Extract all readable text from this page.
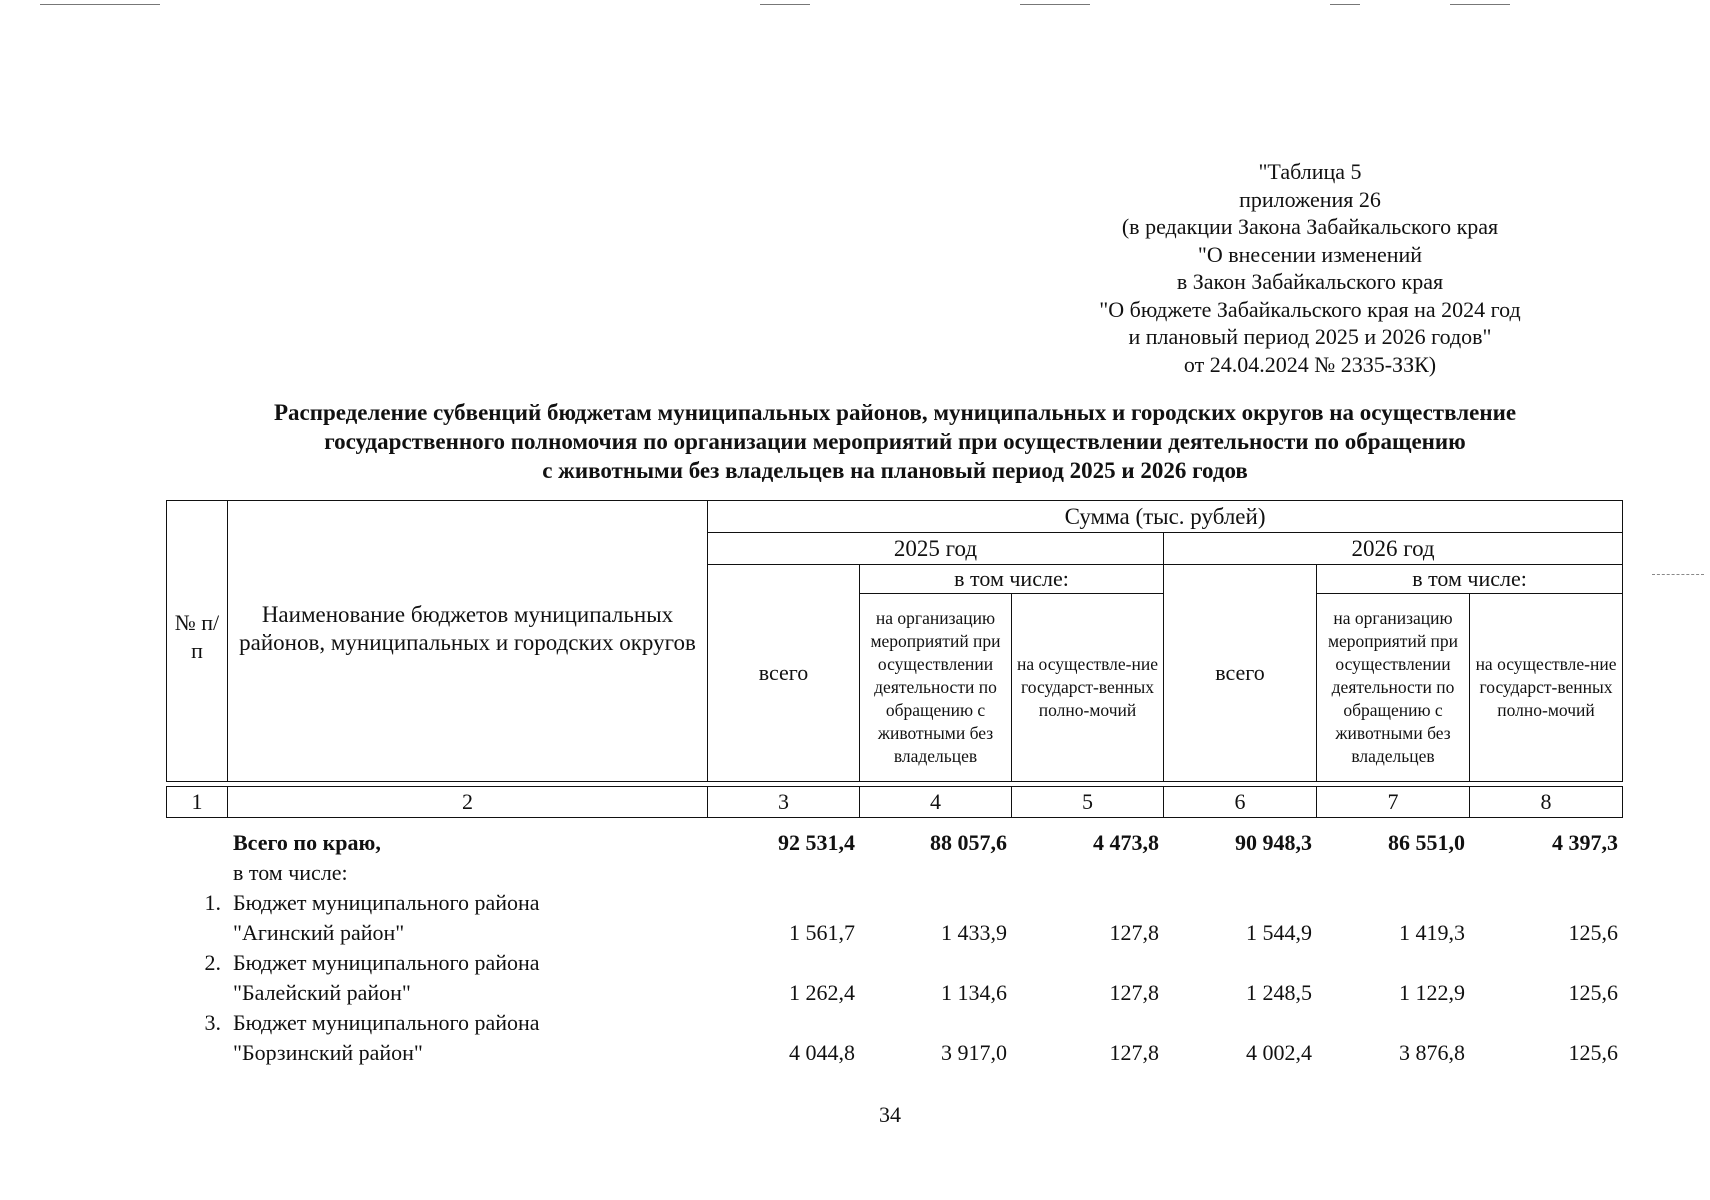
"Таблица 5
приложения 26
(в редакции Закона Забайкальского края
"О внесении изменений
в Закон Забайкальского края
"О бюджете Забайкальского края на 2024 год
и плановый период 2025 и 2026 годов"
от 24.04.2024 № 2335-ЗЗК)
Распределение субвенций бюджетам муниципальных районов, муниципальных и городских округов на осуществление
государственного полномочия по организации мероприятий при осуществлении деятельности по обращению
с животными без владельцев на плановый период 2025 и 2026 годов
№ п/п	Наименование бюджетов муниципальных районов, муниципальных и городских округов	Сумма (тыс. рублей)					
		2025 год			2026 год		
		всего	в том числе:		всего	в том числе:	
			на организацию мероприятий при осуществлении деятельности по обращению с животными без владельцев	на осуществле-ние государст-венных полно-мочий		на организацию мероприятий при осуществлении деятельности по обращению с животными без владельцев	на осуществле-ние государст-венных полно-мочий

1	2	3	4	5	6	7	8
	Всего по краю,	92 531,4	88 057,6	4 473,8	90 948,3	86 551,0	4 397,3
	в том числе:						

1.	Бюджет муниципального района						
	"Агинский район"	1 561,7	1 433,9	127,8	1 544,9	1 419,3	125,6
2.	Бюджет муниципального района						
	"Балейский район"	1 262,4	1 134,6	127,8	1 248,5	1 122,9	125,6
3.	Бюджет муниципального района						
	"Борзинский район"	4 044,8	3 917,0	127,8	4 002,4	3 876,8	125,6
34
